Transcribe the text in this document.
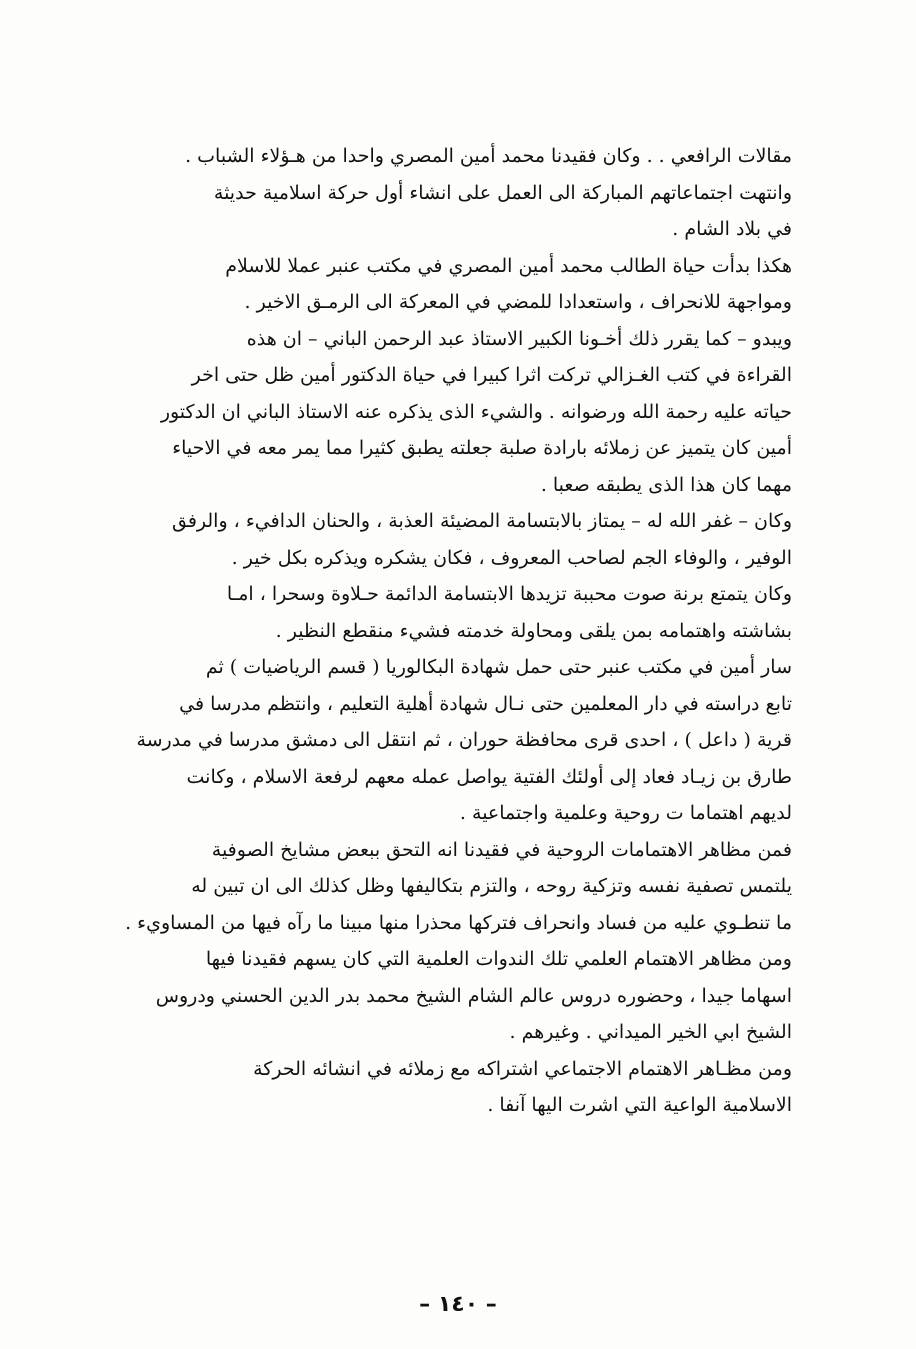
مقالات الرافعي . . وكان فقيدنا محمد أمين المصري واحدا من هـؤلاء الشباب .
وانتهت اجتماعاتهم المباركة الى العمل على انشاء أول حركة اسلامية حديثة
في بلاد الشام .
هكذا بدأت حياة الطالب محمد أمين المصري في مكتب عنبر عملا للاسلام
ومواجهة للانحراف ، واستعدادا للمضي في المعركة الى الرمـق الاخير .
ويبدو – كما يقرر ذلك أخـونا الكبير الاستاذ عبد الرحمن الباني – ان هذه
القراءة في كتب الغـزالي تركت اثرا كبيرا في حياة الدكتور أمين ظل حتى اخر
حياته عليه رحمة الله ورضوانه . والشيء الذى يذكره عنه الاستاذ الباني ان الدكتور
أمين كان يتميز عن زملائه بارادة صلبة جعلته يطبق كثيرا مما يمر معه في الاحياء
مهما كان هذا الذى يطبقه صعبا .
وكان – غفر الله له – يمتاز بالابتسامة المضيئة العذبة ، والحنان الدافيء ، والرفق
الوفير ، والوفاء الجم لصاحب المعروف ، فكان يشكره ويذكره بكل خير .
وكان يتمتع برنة صوت محببة تزيدها الابتسامة الدائمة حـلاوة وسحرا ، امـا
بشاشته واهتمامه بمن يلقى ومحاولة خدمته فشيء منقطع النظير .
سار أمين في مكتب عنبر حتى حمل شهادة البكالوريا ( قسم الرياضيات ) ثم
تابع دراسته في دار المعلمين حتى نـال شهادة أهلية التعليم ، وانتظم مدرسا في
قرية ( داعل ) ، احدى قرى محافظة حوران ، ثم انتقل الى دمشق مدرسا في مدرسة
طارق بن زيـاد فعاد إلى أولئك الفتية يواصل عمله معهم لرفعة الاسلام ، وكانت
لديهم اهتماما ت روحية وعلمية واجتماعية .
فمن مظاهر الاهتمامات الروحية في فقيدنا انه التحق ببعض مشايخ الصوفية
يلتمس تصفية نفسه وتزكية روحه ، والتزم بتكاليفها وظل كذلك الى ان تبين له
ما تنطـوي عليه من فساد وانحراف فتركها محذرا منها مبينا ما رآه فيها من المساويء .
ومن مظاهر الاهتمام العلمي تلك الندوات العلمية التي كان يسهم فقيدنا فيها
اسهاما جيدا ، وحضوره دروس عالم الشام الشيخ محمد بدر الدين الحسني ودروس
الشيخ ابي الخير الميداني . وغيرهم .
ومن مظـاهر الاهتمام الاجتماعي اشتراكه مع زملائه في انشائه الحركة
الاسلامية الواعية التي اشرت اليها آنفا .
– ١٤٠ –
